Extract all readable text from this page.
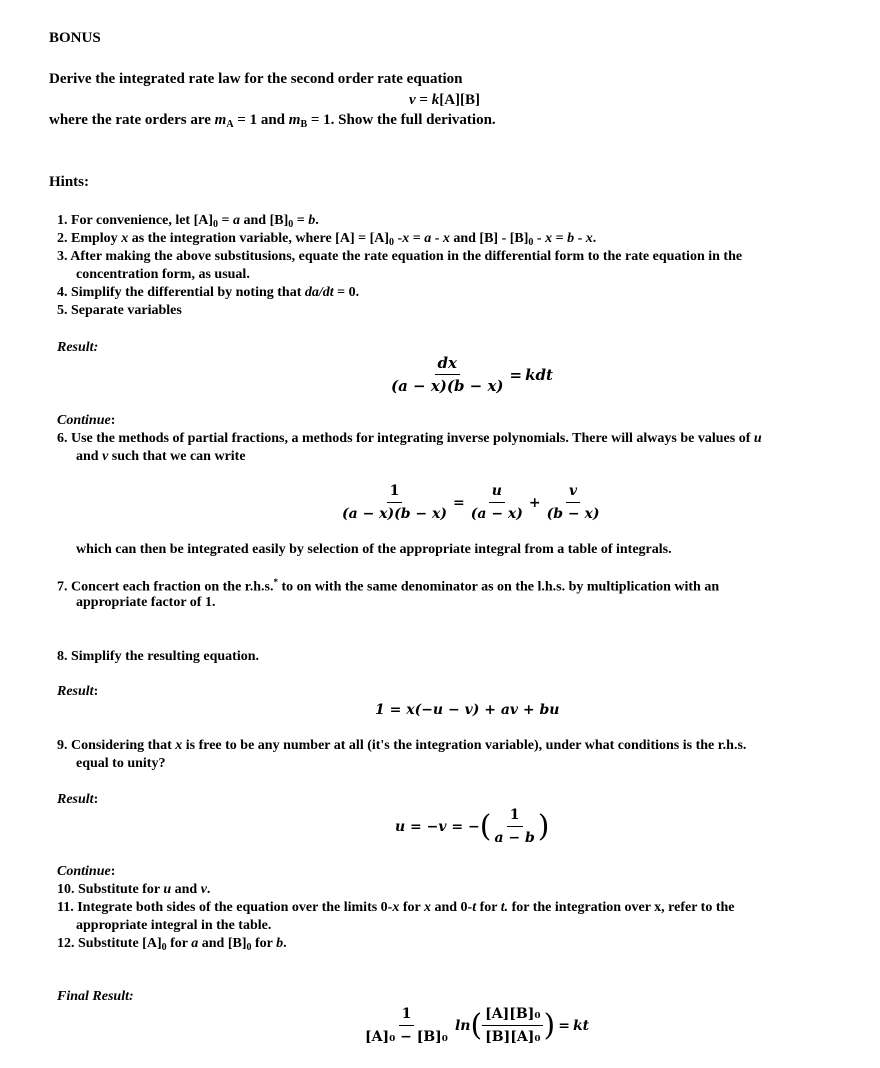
BONUS
Derive the integrated rate law for the second order rate equation
v = k[A][B]
where the rate orders are $m_A = 1$ and $m_B = 1$. Show the full derivation.
Hints:
1. For convenience, let $[A]_0 = a$ and $[B]_0 = b$.
2. Employ x as the integration variable, where $[A] = [A]_0$ -x = a - x and $[B] - [B]_0 - x = b - x$.
3. After making the above substitusions, equate the rate equation in the differential form to the rate equation in the
concentration form, as usual.
4. Simplify the differential by noting that da/dt = 0.
5. Separate variables
Result:
$\frac{dx}{(a - x)(b - x)}$ = kdt
Continue:
6. Use the methods of partial fractions, a methods for integrating inverse polynomials. There will always be values of u
and v such that we can write
$\frac{1}{(a - x)(b - x)} = \frac{u}{(a - x)} + \frac{v}{(b - x)}$
which can then be integrated easily by selection of the appropriate integral from a table of integrals.
7. Concert each fraction on the r.h.s.* to on with the same denominator as on the l.h.s. by multiplication with an
appropriate factor of 1.
8. Simplify the resulting equation.
Result:
1 = x(−u − v) + av + bu
9. Considering that x is free to be any number at all (it's the integration variable), under what conditions is the r.h.s.
equal to unity?
Result:
u = −v = − ( $\frac{1}{a - b}$ )
Continue:
10. Substitute for u and v.
11. Integrate both sides of the equation over the limits 0-x for x and 0-t for t. for the integration over x, refer to the
appropriate integral in the table.
12. Substitute $[A]_0$ for a and $[B]_0$ for b.
Final Result:
$\frac{1}{\text{[A]₀ − [B]₀}}$ ln ( $\frac{\text{[A][B]₀}}{\text{[B][A]₀}}$ ) = kt
